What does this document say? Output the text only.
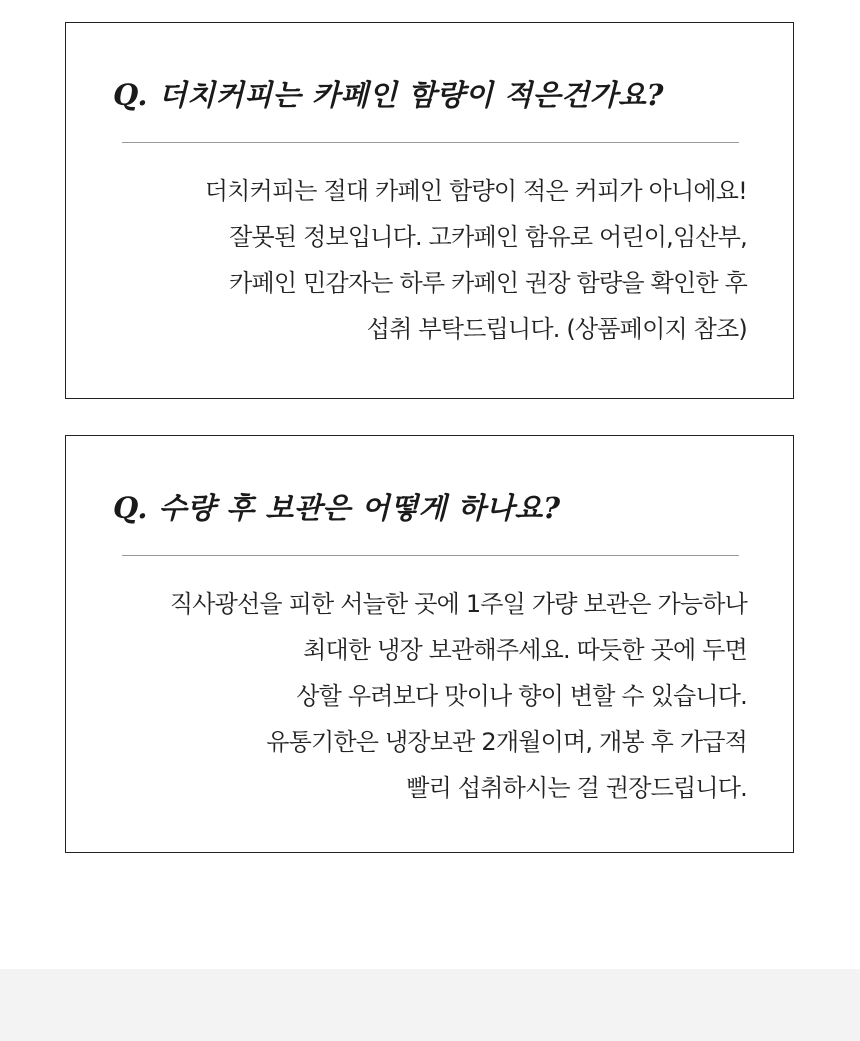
Q. 더치커피는 카페인 함량이 적은건가요?
더치커피는 절대 카페인 함량이 적은 커피가 아니에요!
잘못된 정보입니다. 고카페인 함유로 어린이,임산부,
카페인 민감자는 하루 카페인 권장 함량을 확인한 후
섭취 부탁드립니다. (상품페이지 참조)
Q. 수량 후 보관은 어떻게 하나요?
직사광선을 피한 서늘한 곳에 1주일 가량 보관은 가능하나
최대한 냉장 보관해주세요. 따듯한 곳에 두면
상할 우려보다 맛이나 향이 변할 수 있습니다.
유통기한은 냉장보관 2개월이며, 개봉 후 가급적
빨리 섭취하시는 걸 권장드립니다.
